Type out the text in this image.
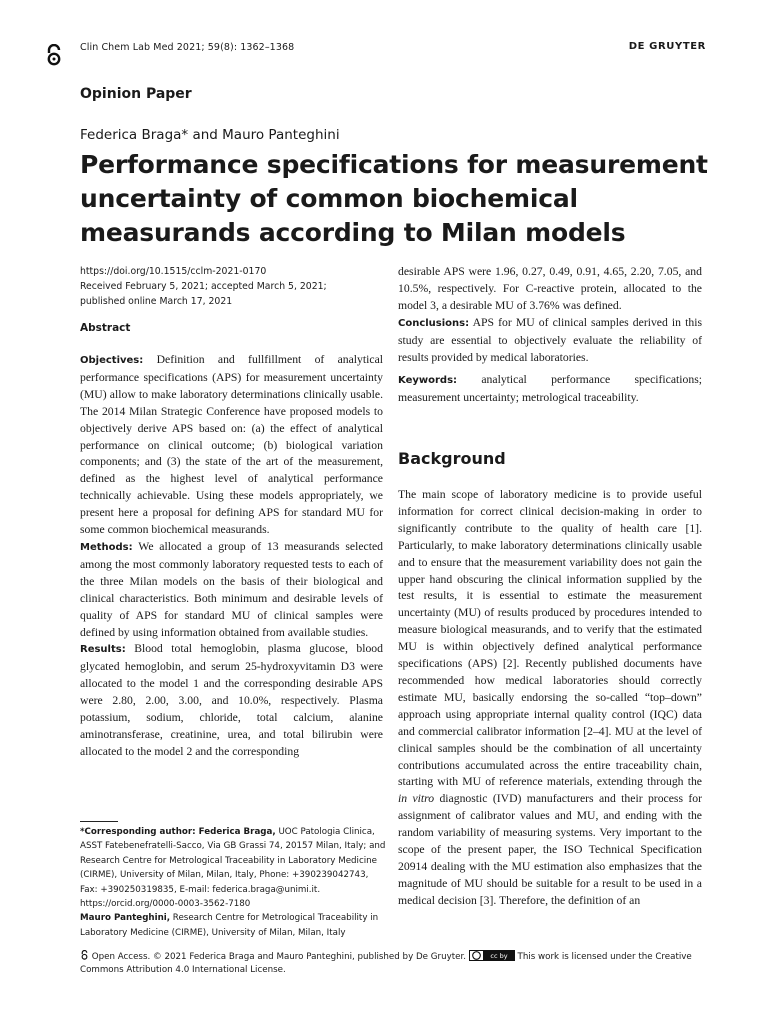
Clin Chem Lab Med 2021; 59(8): 1362–1368	DE GRUYTER
Opinion Paper
Federica Braga* and Mauro Panteghini
Performance specifications for measurement uncertainty of common biochemical measurands according to Milan models
https://doi.org/10.1515/cclm-2021-0170
Received February 5, 2021; accepted March 5, 2021;
published online March 17, 2021
Abstract

Objectives: Definition and fullfillment of analytical performance specifications (APS) for measurement uncertainty (MU) allow to make laboratory determinations clinically usable. The 2014 Milan Strategic Conference have proposed models to objectively derive APS based on: (a) the effect of analytical performance on clinical outcome; (b) biological variation components; and (3) the state of the art of the measurement, defined as the highest level of analytical performance technically achievable. Using these models appropriately, we present here a proposal for defining APS for standard MU for some common biochemical measurands.

Methods: We allocated a group of 13 measurands selected among the most commonly laboratory requested tests to each of the three Milan models on the basis of their biological and clinical characteristics. Both minimum and desirable levels of quality of APS for standard MU of clinical samples were defined by using information obtained from available studies.

Results: Blood total hemoglobin, plasma glucose, blood glycated hemoglobin, and serum 25-hydroxyvitamin D3 were allocated to the model 1 and the corresponding desirable APS were 2.80, 2.00, 3.00, and 10.0%, respectively. Plasma potassium, sodium, chloride, total calcium, alanine aminotransferase, creatinine, urea, and total bilirubin were allocated to the model 2 and the corresponding

desirable APS were 1.96, 0.27, 0.49, 0.91, 4.65, 2.20, 7.05, and 10.5%, respectively. For C-reactive protein, allocated to the model 3, a desirable MU of 3.76% was defined.

Conclusions: APS for MU of clinical samples derived in this study are essential to objectively evaluate the reliability of results provided by medical laboratories.

Keywords: analytical performance specifications; measurement uncertainty; metrological traceability.
Background
The main scope of laboratory medicine is to provide useful information for correct clinical decision-making in order to significantly contribute to the quality of health care [1]. Particularly, to make laboratory determinations clinically usable and to ensure that the measurement variability does not gain the upper hand obscuring the clinical information supplied by the test results, it is essential to estimate the measurement uncertainty (MU) of results produced by procedures intended to measure biological measurands, and to verify that the estimated MU is within objectively defined analytical performance specifications (APS) [2]. Recently published documents have recommended how medical laboratories should correctly estimate MU, basically endorsing the so-called “top–down” approach using appropriate internal quality control (IQC) data and commercial calibrator information [2–4]. MU at the level of clinical samples should be the combination of all uncertainty contributions accumulated across the entire traceability chain, starting with MU of reference materials, extending through the in vitro diagnostic (IVD) manufacturers and their process for assignment of calibrator values and MU, and ending with the random variability of measuring systems. Very important to the scope of the present paper, the ISO Technical Specification 20914 dealing with the MU estimation also emphasizes that the magnitude of MU should be suitable for a result to be used in a medical decision [3]. Therefore, the definition of an
*Corresponding author: Federica Braga, UOC Patologia Clinica, ASST Fatebenefratelli-Sacco, Via GB Grassi 74, 20157 Milan, Italy; and Research Centre for Metrological Traceability in Laboratory Medicine (CIRME), University of Milan, Milan, Italy, Phone: +390239042743, Fax: +390250319835, E-mail: federica.braga@unimi.it. https://orcid.org/0000-0003-3562-7180
Mauro Panteghini, Research Centre for Metrological Traceability in Laboratory Medicine (CIRME), University of Milan, Milan, Italy
Open Access. © 2021 Federica Braga and Mauro Panteghini, published by De Gruyter.	cc by This work is licensed under the Creative Commons Attribution 4.0 International License.
